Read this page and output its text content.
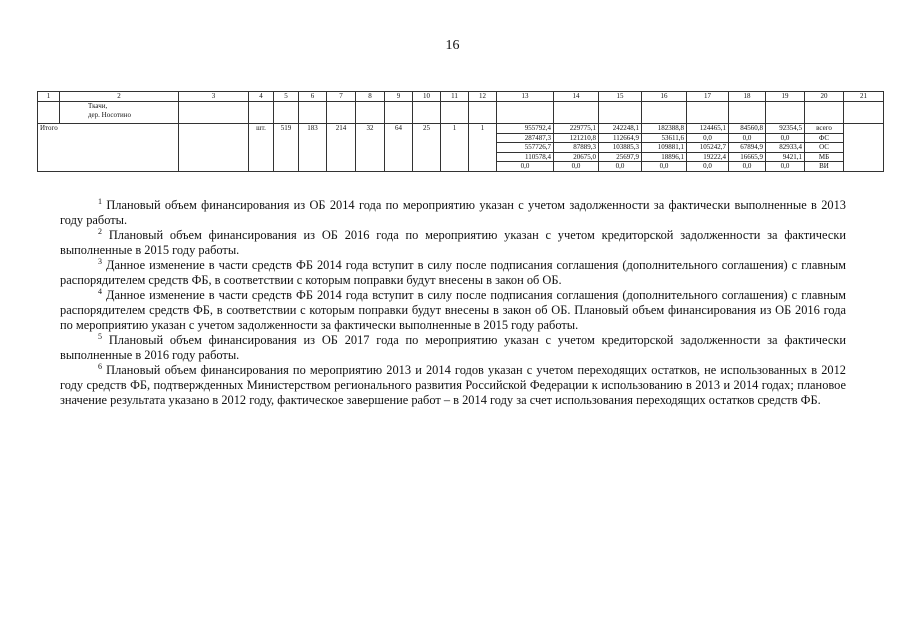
16
1	2	3	4	5	6	7	8	9	10	11	12	13	14	15	16	17	18	19	20	21

	Ткачи,
дер. Носотино																			

Итого			шт.	519	183	214	32	64	25	1	1	955792,4	229775,1	242248,1	182388,8	124465,1	84560,8	92354,5	всего	
												287487,3	121210,8	112664,9	53611,6	0,0	0,0	0,0	ФС	
												557726,7	87889,3	103885,3	109881,1	105242,7	67894,9	82933,4	ОС	
												110578,4	20675,0	25697,9	18896,1	19222,4	16665,9	9421,1	МБ	
												0,0	0,0	0,0	0,0	0,0	0,0	0,0	ВИ	

$^1$ Плановый объем финансирования из ОБ 2014 года по мероприятию указан с учетом задолженности за фактически выполненные в 2013 году работы.

$^2$ Плановый объем финансирования из ОБ 2016 года по мероприятию указан с учетом кредиторской задолженности за фактически выполненные в 2015 году работы.

$^3$ Данное изменение в части средств ФБ 2014 года вступит в силу после подписания соглашения (дополнительного соглашения) с главным распорядителем средств ФБ, в соответствии с которым поправки будут внесены в закон об ОБ.

$^4$ Данное изменение в части средств ФБ 2014 года вступит в силу после подписания соглашения (дополнительного соглашения) с главным распорядителем средств ФБ, в соответствии с которым поправки будут внесены в закон об ОБ. Плановый объем финансирования из ОБ 2016 года по мероприятию указан с учетом задолженности за фактически выполненные в 2015 году работы.

$^5$ Плановый объем финансирования из ОБ 2017 года по мероприятию указан с учетом кредиторской задолженности за фактически выполненные в 2016 году работы.

$^6$ Плановый объем финансирования по мероприятию 2013 и 2014 годов указан с учетом переходящих остатков, не использованных в 2012 году средств ФБ, подтвержденных Министерством регионального развития Российской Федерации к использованию в 2013 и 2014 годах; плановое значение результата указано в 2012 году, фактическое завершение работ – в 2014 году за счет использования переходящих остатков средств ФБ.
